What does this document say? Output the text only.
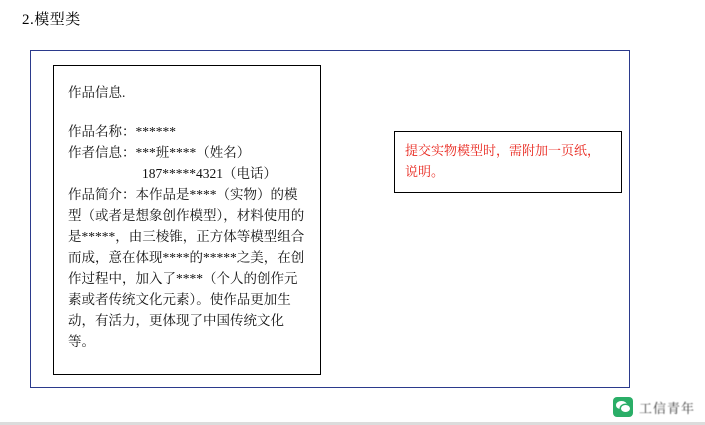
2.模型类
作品信息.
作品名称：******
作者信息：***班****（姓名）
187*****4321（电话）
作品简介：本作品是****（实物）的模型（或者是想象创作模型），材料使用的是*****，由三棱锥，正方体等模型组合而成，意在体现****的*****之美，在创作过程中，加入了****（个人的创作元素或者传统文化元素）。使作品更加生动，有活力，更体现了中国传统文化等。
提交实物模型时，需附加一页纸，说明。
工信青年
